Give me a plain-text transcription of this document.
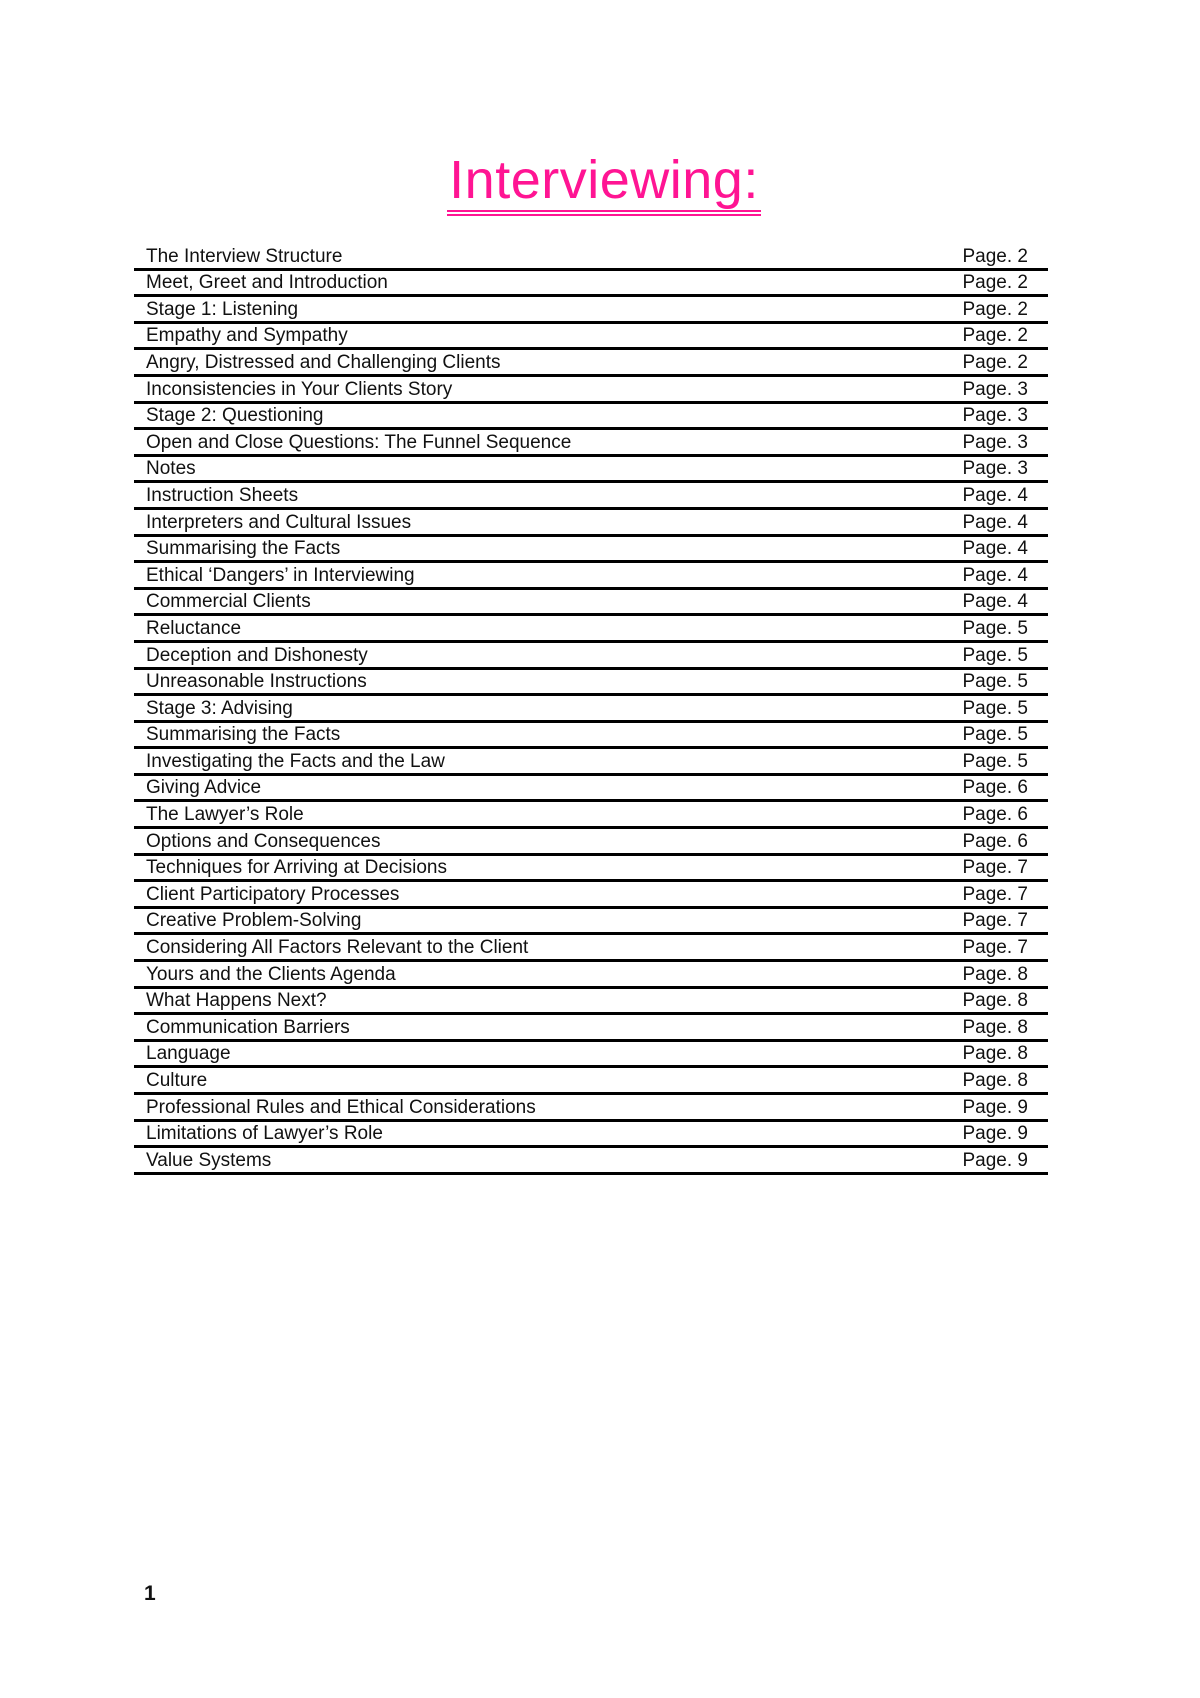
Interviewing:
The Interview Structure	Page. 2
Meet, Greet and Introduction	Page. 2
Stage 1: Listening	Page. 2
Empathy and Sympathy	Page. 2
Angry, Distressed and Challenging Clients	Page. 2
Inconsistencies in Your Clients Story	Page. 3
Stage 2: Questioning	Page. 3
Open and Close Questions: The Funnel Sequence	Page. 3
Notes	Page. 3
Instruction Sheets	Page. 4
Interpreters and Cultural Issues	Page. 4
Summarising the Facts	Page. 4
Ethical ‘Dangers’ in Interviewing	Page. 4
Commercial Clients	Page. 4
Reluctance	Page. 5
Deception and Dishonesty	Page. 5
Unreasonable Instructions	Page. 5
Stage 3: Advising	Page. 5
Summarising the Facts	Page. 5
Investigating the Facts and the Law	Page. 5
Giving Advice	Page. 6
The Lawyer’s Role	Page. 6
Options and Consequences	Page. 6
Techniques for Arriving at Decisions	Page. 7
Client Participatory Processes	Page. 7
Creative Problem-Solving	Page. 7
Considering All Factors Relevant to the Client	Page. 7
Yours and the Clients Agenda	Page. 8
What Happens Next?	Page. 8
Communication Barriers	Page. 8
Language	Page. 8
Culture	Page. 8
Professional Rules and Ethical Considerations	Page. 9
Limitations of Lawyer’s Role	Page. 9
Value Systems	Page. 9
1
